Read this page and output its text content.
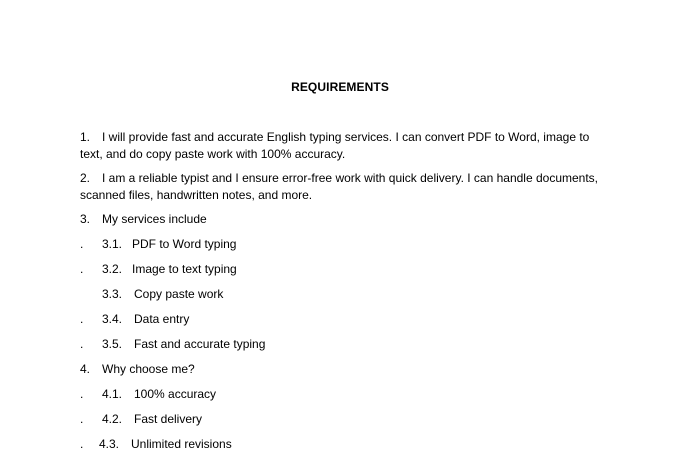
REQUIREMENTS
1. I will provide fast and accurate English typing services. I can convert PDF to Word, image to text, and do copy paste work with 100% accuracy.
2. I am a reliable typist and I ensure error-free work with quick delivery. I can handle documents, scanned files, handwritten notes, and more.
3. My services include
. 3.1. PDF to Word typing
. 3.2. Image to text typing
3.3. Copy paste work
. 3.4. Data entry
. 3.5. Fast and accurate typing
4. Why choose me?
. 4.1. 100% accuracy
. 4.2. Fast delivery
. 4.3. Unlimited revisions
